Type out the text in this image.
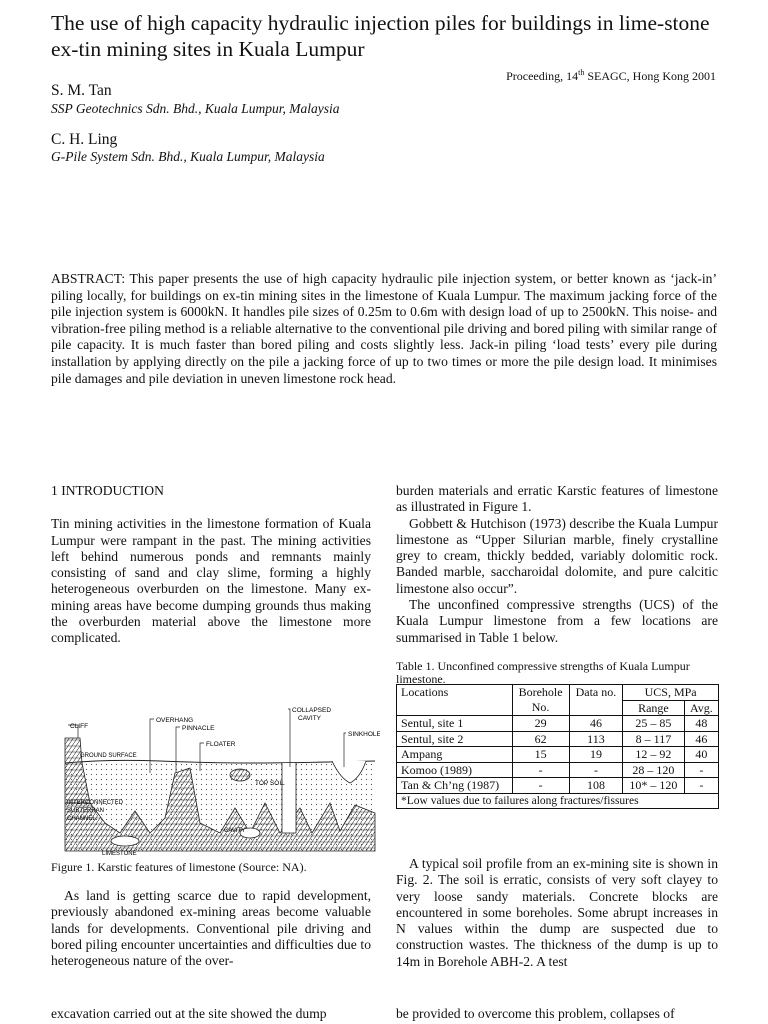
The use of high capacity hydraulic injection piles for buildings in lime-stone ex-tin mining sites in Kuala Lumpur
Proceeding, 14th SEAGC, Hong Kong 2001
S. M. Tan
SSP Geotechnics Sdn. Bhd., Kuala Lumpur, Malaysia
C. H. Ling
G-Pile System Sdn. Bhd., Kuala Lumpur, Malaysia
ABSTRACT: This paper presents the use of high capacity hydraulic pile injection system, or better known as ‘jack-in’ piling locally, for buildings on ex-tin mining sites in the limestone of Kuala Lumpur. The maximum jacking force of the pile injection system is 6000kN. It handles pile sizes of 0.25m to 0.6m with design load of up to 2500kN. This noise- and vibration-free piling method is a reliable alternative to the conventional pile driving and bored piling with similar range of pile capacity. It is much faster than bored piling and costs slightly less. Jack-in piling ‘load tests’ every pile during installation by applying directly on the pile a jacking force of up to two times or more the pile design load. It minimises pile damages and pile deviation in uneven limestone rock head.

1 INTRODUCTION

Tin mining activities in the limestone formation of Kuala Lumpur were rampant in the past. The mining activities left behind numerous ponds and remnants mainly consisting of sand and clay slime, forming a highly heterogeneous overburden on the limestone. Many ex-mining areas have become dumping grounds thus making the overburden material above the limestone more complicated.

burden materials and erratic Karstic features of limestone as illustrated in Figure 1.

Gobbett & Hutchison (1973) describe the Kuala Lumpur limestone as “Upper Silurian marble, finely crystalline grey to cream, thickly bedded, variably dolomitic rock. Banded marble, saccharoidal dolomite, and pure calcitic limestone also occur”.

The unconfined compressive strengths (UCS) of the Kuala Lumpur limestone from a few locations are summarised in Table 1 below.

Table 1. Unconfined compressive strengths of Kuala Lumpur limestone.
Locations	Borehole	Data no.	UCS, MPa	
	No.		Range	Avg.
Sentul, site 1	29	46	25 – 85	48
Sentul, site 2	62	113	8 – 117	46
Ampang	15	19	12 – 92	40
Komoo (1989)	-	-	28 – 120	-
Tan & Ch’ng (1987)	-	108	10* – 120	-
*Low values due to failures along fractures/fissures				
CLIFF
OVERHANG
PINNACLE
FLOATER
COLLAPSED
CAVITY
SINKHOLE
GROUND SURFACE
TOP SOIL
INTERCONNECTED
SUBTERRAN
CHANNEL
CAVITY
LIMESTONE
Figure 1. Karstic features of limestone (Source: NA).

As land is getting scarce due to rapid development, previously abandoned ex-mining areas become valuable lands for developments. Conventional pile driving and bored piling encounter uncertainties and difficulties due to heterogeneous nature of the over-

A typical soil profile from an ex-mining site is shown in Fig. 2. The soil is erratic, consists of very soft clayey to very loose sandy materials. Concrete blocks are encountered in some boreholes. Some abrupt increases in N values within the dump are suspected due to construction wastes. The thickness of the dump is up to 14m in Borehole ABH-2. A test

excavation carried out at the site showed the dump	be provided to overcome this problem, collapses of
